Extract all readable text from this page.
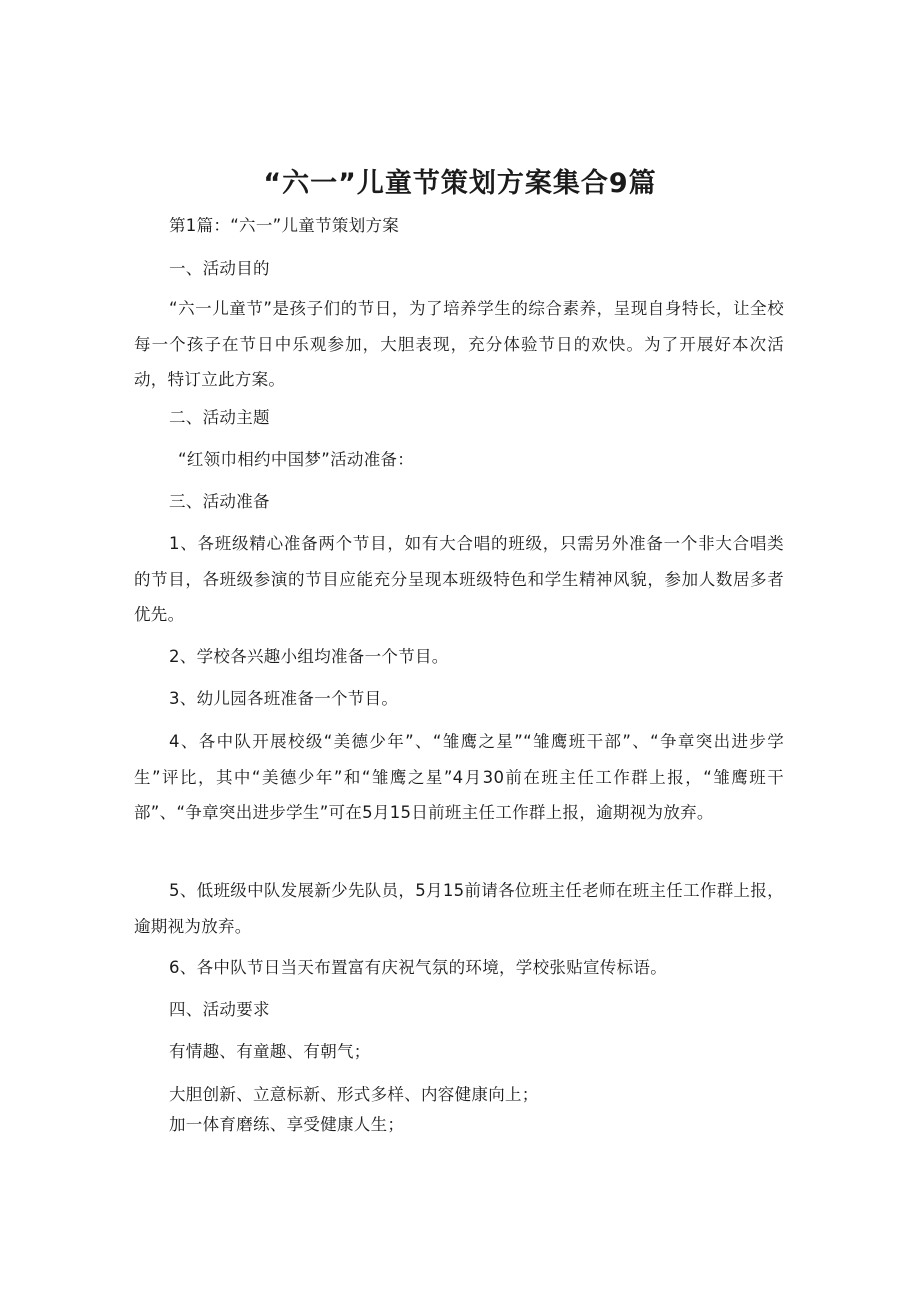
“六一”儿童节策划方案集合9篇
第1篇：“六一”儿童节策划方案
一、活动目的
“六一儿童节”是孩子们的节日，为了培养学生的综合素养，呈现自身特长，让全校每一个孩子在节日中乐观参加，大胆表现，充分体验节日的欢快。为了开展好本次活动，特订立此方案。
二、活动主题
“红领巾相约中国梦”活动准备：
三、活动准备
1、各班级精心准备两个节目，如有大合唱的班级，只需另外准备一个非大合唱类的节目，各班级参演的节目应能充分呈现本班级特色和学生精神风貌，参加人数居多者优先。
2、学校各兴趣小组均准备一个节目。
3、幼儿园各班准备一个节目。
4、各中队开展校级“美德少年”、“雏鹰之星”“雏鹰班干部”、“争章突出进步学生”评比，其中“美德少年”和“雏鹰之星”4月30前在班主任工作群上报，“雏鹰班干部”、“争章突出进步学生”可在5月15日前班主任工作群上报，逾期视为放弃。
5、低班级中队发展新少先队员，5月15前请各位班主任老师在班主任工作群上报，逾期视为放弃。
6、各中队节日当天布置富有庆祝气氛的环境，学校张贴宣传标语。
四、活动要求
有情趣、有童趣、有朝气；
大胆创新、立意标新、形式多样、内容健康向上；
加一体育磨练、享受健康人生；
